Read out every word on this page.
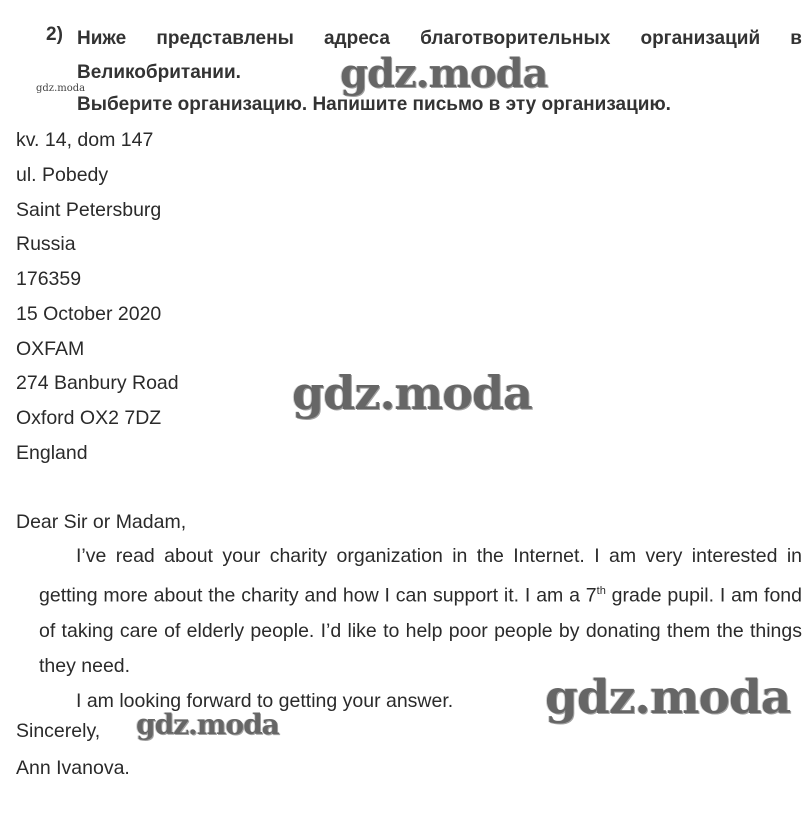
2) Ниже представлены адреса благотворительных организаций в
Великобритании.
Выберите организацию. Напишите письмо в эту организацию.
gdz.moda
kv. 14, dom 147
ul. Pobedy
Saint Petersburg
Russia
176359
15 October 2020
OXFAM
274 Banbury Road
Oxford OX2 7DZ
England
Dear Sir or Madam,

I’ve read about your charity organization in the Internet. I am very interested in getting more about the charity and how I can support it. I am a 7th grade pupil. I am fond of taking care of elderly people. I’d like to help poor people by donating them the things they need.

I am looking forward to getting your answer.

Sincerely,
Ann Ivanova.
gdz.moda
gdz.moda
gdz.moda
gdz.moda
